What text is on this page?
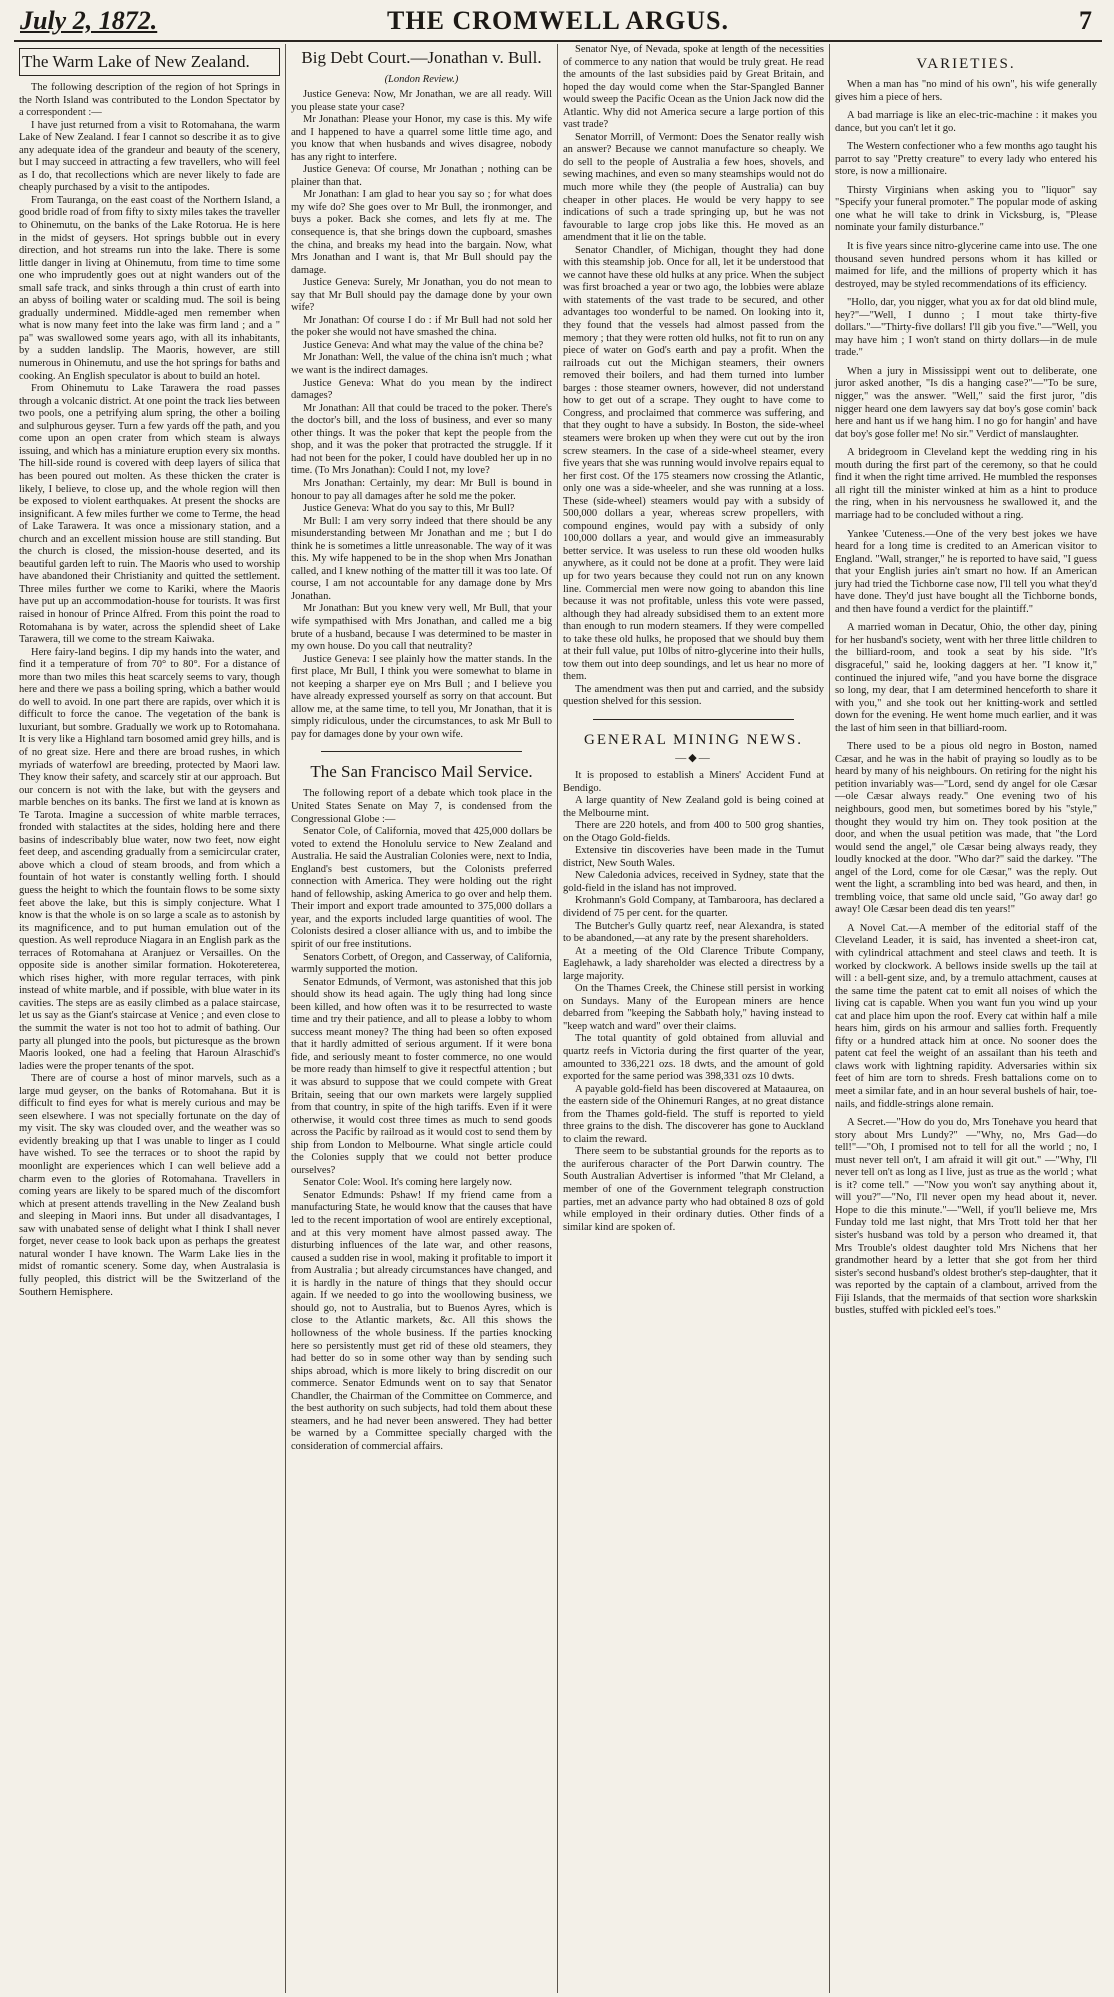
July 2, 1872.	THE CROMWELL ARGUS.	7
The Warm Lake of New Zealand.

The following description of the region of hot Springs in the North Island was contributed to the London Spectator by a correspondent :—

I have just returned from a visit to Rotomahana, the warm Lake of New Zealand. I fear I cannot so describe it as to give any adequate idea of the grandeur and beauty of the scenery, but I may succeed in attracting a few travellers, who will feel as I do, that recollections which are never likely to fade are cheaply purchased by a visit to the antipodes.

From Tauranga, on the east coast of the Northern Island, a good bridle road of from fifty to sixty miles takes the traveller to Ohinemutu, on the banks of the Lake Rotorua. He is here in the midst of geysers. Hot springs bubble out in every direction, and hot streams run into the lake. There is some little danger in living at Ohinemutu, from time to time some one who imprudently goes out at night wanders out of the small safe track, and sinks through a thin crust of earth into an abyss of boiling water or scalding mud. The soil is being gradually undermined. Middle-aged men remember when what is now many feet into the lake was firm land ; and a " pa" was swallowed some years ago, with all its inhabitants, by a sudden landslip. The Maoris, however, are still numerous in Ohinemutu, and use the hot springs for baths and cooking. An English speculator is about to build an hotel.

From Ohinemutu to Lake Tarawera the road passes through a volcanic district. At one point the track lies between two pools, one a petrifying alum spring, the other a boiling and sulphurous geyser. Turn a few yards off the path, and you come upon an open crater from which steam is always issuing, and which has a miniature eruption every six months. The hill-side round is covered with deep layers of silica that has been poured out molten. As these thicken the crater is likely, I believe, to close up, and the whole region will then be exposed to violent earthquakes. At present the shocks are insignificant. A few miles further we come to Terme, the head of Lake Tarawera. It was once a missionary station, and a church and an excellent mission house are still standing. But the church is closed, the mission-house deserted, and its beautiful garden left to ruin. The Maoris who used to worship have abandoned their Christianity and quitted the settlement. Three miles further we come to Kariki, where the Maoris have put up an accommodation-house for tourists. It was first raised in honour of Prince Alfred. From this point the road to Rotomahana is by water, across the splendid sheet of Lake Tarawera, till we come to the stream Kaiwaka.

Here fairy-land begins. I dip my hands into the water, and find it a temperature of from 70° to 80°. For a distance of more than two miles this heat scarcely seems to vary, though here and there we pass a boiling spring, which a bather would do well to avoid. In one part there are rapids, over which it is difficult to force the canoe. The vegetation of the bank is luxuriant, but sombre. Gradually we work up to Rotomahana. It is very like a Highland tarn bosomed amid grey hills, and is of no great size. Here and there are broad rushes, in which myriads of waterfowl are breeding, protected by Maori law. They know their safety, and scarcely stir at our approach. But our concern is not with the lake, but with the geysers and marble benches on its banks. The first we land at is known as Te Tarota. Imagine a succession of white marble terraces, fronded with stalactites at the sides, holding here and there basins of indescribably blue water, now two feet, now eight feet deep, and ascending gradually from a semicircular crater, above which a cloud of steam broods, and from which a fountain of hot water is constantly welling forth. I should guess the height to which the fountain flows to be some sixty feet above the lake, but this is simply conjecture. What I know is that the whole is on so large a scale as to astonish by its magnificence, and to put human emulation out of the question. As well reproduce Niagara in an English park as the terraces of Rotomahana at Aranjuez or Versailles. On the opposite side is another similar formation. Hokotereterea, which rises higher, with more regular terraces, with pink instead of white marble, and if possible, with blue water in its cavities. The steps are as easily climbed as a palace staircase, let us say as the Giant's staircase at Venice ; and even close to the summit the water is not too hot to admit of bathing. Our party all plunged into the pools, but picturesque as the brown Maoris looked, one had a feeling that Haroun Alraschid's ladies were the proper tenants of the spot.

There are of course a host of minor marvels, such as a large mud geyser, on the banks of Rotomahana. But it is difficult to find eyes for what is merely curious and may be seen elsewhere. I was not specially fortunate on the day of my visit. The sky was clouded over, and the weather was so evidently breaking up that I was unable to linger as I could have wished. To see the terraces or to shoot the rapid by moonlight are experiences which I can well believe add a charm even to the glories of Rotomahana. Travellers in coming years are likely to be spared much of the discomfort which at present attends travelling in the New Zealand bush and sleeping in Maori inns. But under all disadvantages, I saw with unabated sense of delight what I think I shall never forget, never cease to look back upon as perhaps the greatest natural wonder I have known. The Warm Lake lies in the midst of romantic scenery. Some day, when Australasia is fully peopled, this district will be the Switzerland of the Southern Hemisphere.

Big Debt Court.—Jonathan v. Bull.
(London Review.)

Justice Geneva: Now, Mr Jonathan, we are all ready. Will you please state your case?

Mr Jonathan: Please your Honor, my case is this. My wife and I happened to have a quarrel some little time ago, and you know that when husbands and wives disagree, nobody has any right to interfere.

Justice Geneva: Of course, Mr Jonathan ; nothing can be plainer than that.

Mr Jonathan: I am glad to hear you say so ; for what does my wife do? She goes over to Mr Bull, the ironmonger, and buys a poker. Back she comes, and lets fly at me. The consequence is, that she brings down the cupboard, smashes the china, and breaks my head into the bargain. Now, what Mrs Jonathan and I want is, that Mr Bull should pay the damage.

Justice Geneva: Surely, Mr Jonathan, you do not mean to say that Mr Bull should pay the damage done by your own wife?

Mr Jonathan: Of course I do : if Mr Bull had not sold her the poker she would not have smashed the china.

Justice Geneva: And what may the value of the china be?

Mr Jonathan: Well, the value of the china isn't much ; what we want is the indirect damages.

Justice Geneva: What do you mean by the indirect damages?

Mr Jonathan: All that could be traced to the poker. There's the doctor's bill, and the loss of business, and ever so many other things. It was the poker that kept the people from the shop, and it was the poker that protracted the struggle. If it had not been for the poker, I could have doubled her up in no time. (To Mrs Jonathan): Could I not, my love?

Mrs Jonathan: Certainly, my dear: Mr Bull is bound in honour to pay all damages after he sold me the poker.

Justice Geneva: What do you say to this, Mr Bull?

Mr Bull: I am very sorry indeed that there should be any misunderstanding between Mr Jonathan and me ; but I do think he is sometimes a little unreasonable. The way of it was this. My wife happened to be in the shop when Mrs Jonathan called, and I knew nothing of the matter till it was too late. Of course, I am not accountable for any damage done by Mrs Jonathan.

Mr Jonathan: But you knew very well, Mr Bull, that your wife sympathised with Mrs Jonathan, and called me a big brute of a husband, because I was determined to be master in my own house. Do you call that neutrality?

Justice Geneva: I see plainly how the matter stands. In the first place, Mr Bull, I think you were somewhat to blame in not keeping a sharper eye on Mrs Bull ; and I believe you have already expressed yourself as sorry on that account. But allow me, at the same time, to tell you, Mr Jonathan, that it is simply ridiculous, under the circumstances, to ask Mr Bull to pay for damages done by your own wife.

The San Francisco Mail Service.

The following report of a debate which took place in the United States Senate on May 7, is condensed from the Congressional Globe :—

Senator Cole, of California, moved that 425,000 dollars be voted to extend the Honolulu service to New Zealand and Australia. He said the Australian Colonies were, next to India, England's best customers, but the Colonists preferred connection with America. They were holding out the right hand of fellowship, asking America to go over and help them. Their import and export trade amounted to 375,000 dollars a year, and the exports included large quantities of wool. The Colonists desired a closer alliance with us, and to imbibe the spirit of our free institutions.

Senators Corbett, of Oregon, and Casserway, of California, warmly supported the motion.

Senator Edmunds, of Vermont, was astonished that this job should show its head again. The ugly thing had long since been killed, and how often was it to be resurrected to waste time and try their patience, and all to please a lobby to whom success meant money? The thing had been so often exposed that it hardly admitted of serious argument. If it were bona fide, and seriously meant to foster commerce, no one would be more ready than himself to give it respectful attention ; but it was absurd to suppose that we could compete with Great Britain, seeing that our own markets were largely supplied from that country, in spite of the high tariffs. Even if it were otherwise, it would cost three times as much to send goods across the Pacific by railroad as it would cost to send them by ship from London to Melbourne. What single article could the Colonies supply that we could not better produce ourselves?

Senator Cole: Wool. It's coming here largely now.

Senator Edmunds: Pshaw! If my friend came from a manufacturing State, he would know that the causes that have led to the recent importation of wool are entirely exceptional, and at this very moment have almost passed away. The disturbing influences of the late war, and other reasons, caused a sudden rise in wool, making it profitable to import it from Australia ; but already circumstances have changed, and it is hardly in the nature of things that they should occur again. If we needed to go into the woollowing business, we should go, not to Australia, but to Buenos Ayres, which is close to the Atlantic markets, &c. All this shows the hollowness of the whole business. If the parties knocking here so persistently must get rid of these old steamers, they had better do so in some other way than by sending such ships abroad, which is more likely to bring discredit on our commerce. Senator Edmunds went on to say that Senator Chandler, the Chairman of the Committee on Commerce, and the best authority on such subjects, had told them about these steamers, and he had never been answered. They had better be warned by a Committee specially charged with the consideration of commercial affairs.

Senator Nye, of Nevada, spoke at length of the necessities of commerce to any nation that would be truly great. He read the amounts of the last subsidies paid by Great Britain, and hoped the day would come when the Star-Spangled Banner would sweep the Pacific Ocean as the Union Jack now did the Atlantic. Why did not America secure a large portion of this vast trade?

Senator Morrill, of Vermont: Does the Senator really wish an answer? Because we cannot manufacture so cheaply. We do sell to the people of Australia a few hoes, shovels, and sewing machines, and even so many steamships would not do much more while they (the people of Australia) can buy cheaper in other places. He would be very happy to see indications of such a trade springing up, but he was not favourable to large crop jobs like this. He moved as an amendment that it lie on the table.

Senator Chandler, of Michigan, thought they had done with this steamship job. Once for all, let it be understood that we cannot have these old hulks at any price. When the subject was first broached a year or two ago, the lobbies were ablaze with statements of the vast trade to be secured, and other advantages too wonderful to be named. On looking into it, they found that the vessels had almost passed from the memory ; that they were rotten old hulks, not fit to run on any piece of water on God's earth and pay a profit. When the railroads cut out the Michigan steamers, their owners removed their boilers, and had them turned into lumber barges : those steamer owners, however, did not understand how to get out of a scrape. They ought to have come to Congress, and proclaimed that commerce was suffering, and that they ought to have a subsidy. In Boston, the side-wheel steamers were broken up when they were cut out by the iron screw steamers. In the case of a side-wheel steamer, every five years that she was running would involve repairs equal to her first cost. Of the 175 steamers now crossing the Atlantic, only one was a side-wheeler, and she was running at a loss. These (side-wheel) steamers would pay with a subsidy of 500,000 dollars a year, whereas screw propellers, with compound engines, would pay with a subsidy of only 100,000 dollars a year, and would give an immeasurably better service. It was useless to run these old wooden hulks anywhere, as it could not be done at a profit. They were laid up for two years because they could not run on any known line. Commercial men were now going to abandon this line because it was not profitable, unless this vote were passed, although they had already subsidised them to an extent more than enough to run modern steamers. If they were compelled to take these old hulks, he proposed that we should buy them at their full value, put 10lbs of nitro-glycerine into their hulls, tow them out into deep soundings, and let us hear no more of them.

The amendment was then put and carried, and the subsidy question shelved for this session.

GENERAL MINING NEWS.
—◆—

It is proposed to establish a Miners' Accident Fund at Bendigo.

A large quantity of New Zealand gold is being coined at the Melbourne mint.

There are 220 hotels, and from 400 to 500 grog shanties, on the Otago Gold-fields.

Extensive tin discoveries have been made in the Tumut district, New South Wales.

New Caledonia advices, received in Sydney, state that the gold-field in the island has not improved.

Krohmann's Gold Company, at Tambaroora, has declared a dividend of 75 per cent. for the quarter.

The Butcher's Gully quartz reef, near Alexandra, is stated to be abandoned,—at any rate by the present shareholders.

At a meeting of the Old Clarence Tribute Company, Eaglehawk, a lady shareholder was elected a directress by a large majority.

On the Thames Creek, the Chinese still persist in working on Sundays. Many of the European miners are hence debarred from "keeping the Sabbath holy," having instead to "keep watch and ward" over their claims.

The total quantity of gold obtained from alluvial and quartz reefs in Victoria during the first quarter of the year, amounted to 336,221 ozs. 18 dwts, and the amount of gold exported for the same period was 398,331 ozs 10 dwts.

A payable gold-field has been discovered at Mataaurea, on the eastern side of the Ohinemuri Ranges, at no great distance from the Thames gold-field. The stuff is reported to yield three grains to the dish. The discoverer has gone to Auckland to claim the reward.

There seem to be substantial grounds for the reports as to the auriferous character of the Port Darwin country. The South Australian Advertiser is informed "that Mr Cleland, a member of one of the Government telegraph construction parties, met an advance party who had obtained 8 ozs of gold while employed in their ordinary duties. Other finds of a similar kind are spoken of.

VARIETIES.

When a man has "no mind of his own", his wife generally gives him a piece of hers.

A bad marriage is like an elec-tric-machine : it makes you dance, but you can't let it go.

The Western confectioner who a few months ago taught his parrot to say "Pretty creature" to every lady who entered his store, is now a millionaire.

Thirsty Virginians when asking you to "liquor" say "Specify your funeral promoter." The popular mode of asking one what he will take to drink in Vicksburg, is, "Please nominate your family disturbance."

It is five years since nitro-glycerine came into use. The one thousand seven hundred persons whom it has killed or maimed for life, and the millions of property which it has destroyed, may be styled recommendations of its efficiency.

"Hollo, dar, you nigger, what you ax for dat old blind mule, hey?"—"Well, I dunno ; I mout take thirty-five dollars."—"Thirty-five dollars! I'll gib you five."—"Well, you may have him ; I won't stand on thirty dollars—in de mule trade."

When a jury in Mississippi went out to deliberate, one juror asked another, "Is dis a hanging case?"—"To be sure, nigger," was the answer. "Well," said the first juror, "dis nigger heard one dem lawyers say dat boy's gose comin' back here and hant us if we hang him. I no go for hangin' and have dat boy's gose foller me! No sir." Verdict of manslaughter.

A bridegroom in Cleveland kept the wedding ring in his mouth during the first part of the ceremony, so that he could find it when the right time arrived. He mumbled the responses all right till the minister winked at him as a hint to produce the ring, when in his nervousness he swallowed it, and the marriage had to be concluded without a ring.

Yankee 'Cuteness.—One of the very best jokes we have heard for a long time is credited to an American visitor to England. "Wall, stranger," he is reported to have said, "I guess that your English juries ain't smart no how. If an American jury had tried the Tichborne case now, I'll tell you what they'd have done. They'd just have bought all the Tichborne bonds, and then have found a verdict for the plaintiff."

A married woman in Decatur, Ohio, the other day, pining for her husband's society, went with her three little children to the billiard-room, and took a seat by his side. "It's disgraceful," said he, looking daggers at her. "I know it," continued the injured wife, "and you have borne the disgrace so long, my dear, that I am determined henceforth to share it with you," and she took out her knitting-work and settled down for the evening. He went home much earlier, and it was the last of him seen in that billiard-room.

There used to be a pious old negro in Boston, named Cæsar, and he was in the habit of praying so loudly as to be heard by many of his neighbours. On retiring for the night his petition invariably was—"Lord, send dy angel for ole Cæsar—ole Cæsar always ready." One evening two of his neighbours, good men, but sometimes bored by his "style," thought they would try him on. They took position at the door, and when the usual petition was made, that "the Lord would send the angel," ole Cæsar being always ready, they loudly knocked at the door. "Who dar?" said the darkey. "The angel of the Lord, come for ole Cæsar," was the reply. Out went the light, a scrambling into bed was heard, and then, in trembling voice, that same old uncle said, "Go away dar! go away! Ole Cæsar been dead dis ten years!"

A Novel Cat.—A member of the editorial staff of the Cleveland Leader, it is said, has invented a sheet-iron cat, with cylindrical attachment and steel claws and teeth. It is worked by clockwork. A bellows inside swells up the tail at will : a bell-gent size, and, by a tremulo attachment, causes at the same time the patent cat to emit all noises of which the living cat is capable. When you want fun you wind up your cat and place him upon the roof. Every cat within half a mile hears him, girds on his armour and sallies forth. Frequently fifty or a hundred attack him at once. No sooner does the patent cat feel the weight of an assailant than his teeth and claws work with lightning rapidity. Adversaries within six feet of him are torn to shreds. Fresh battalions come on to meet a similar fate, and in an hour several bushels of hair, toe-nails, and fiddle-strings alone remain.

A Secret.—"How do you do, Mrs Tonehave you heard that story about Mrs Lundy?" —"Why, no, Mrs Gad—do tell!"—"Oh, I promised not to tell for all the world ; no, I must never tell on't, I am afraid it will git out." —"Why, I'll never tell on't as long as I live, just as true as the world ; what is it? come tell." —"Now you won't say anything about it, will you?"—"No, I'll never open my head about it, never. Hope to die this minute."—"Well, if you'll believe me, Mrs Funday told me last night, that Mrs Trott told her that her sister's husband was told by a person who dreamed it, that Mrs Trouble's oldest daughter told Mrs Nichens that her grandmother heard by a letter that she got from her third sister's second husband's oldest brother's step-daughter, that it was reported by the captain of a clambout, arrived from the Fiji Islands, that the mermaids of that section wore sharkskin bustles, stuffed with pickled eel's toes."
